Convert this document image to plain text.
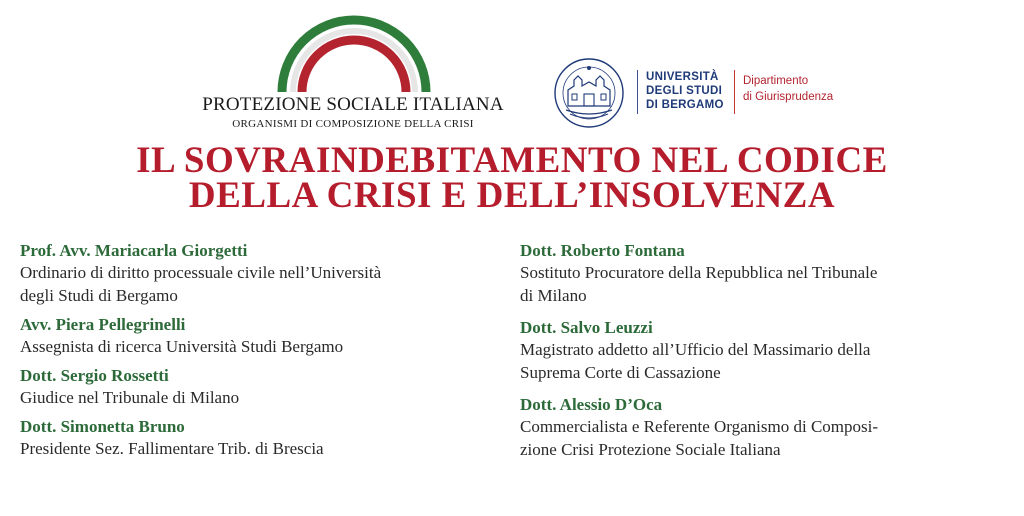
PROTEZIONE SOCIALE ITALIANA
ORGANISMI DI COMPOSIZIONE DELLA CRISI
UNIVERSITÀ
DEGLI STUDI
DI BERGAMO
Dipartimento
di Giurisprudenza
IL SOVRAINDEBITAMENTO NEL CODICE
DELLA CRISI E DELL’INSOLVENZA
Prof. Avv. Mariacarla Giorgetti
Ordinario di diritto processuale civile nell’Università
degli Studi di Bergamo
Avv. Piera Pellegrinelli
Assegnista di ricerca Università Studi Bergamo
Dott. Sergio Rossetti
Giudice nel Tribunale di Milano
Dott. Simonetta Bruno
Presidente Sez. Fallimentare Trib. di Brescia
Dott. Roberto Fontana
Sostituto Procuratore della Repubblica nel Tribunale
di Milano
Dott. Salvo Leuzzi
Magistrato addetto all’Ufficio del Massimario della
Suprema Corte di Cassazione
Dott. Alessio D’Oca
Commercialista e Referente Organismo di Composi-
zione Crisi Protezione Sociale Italiana
